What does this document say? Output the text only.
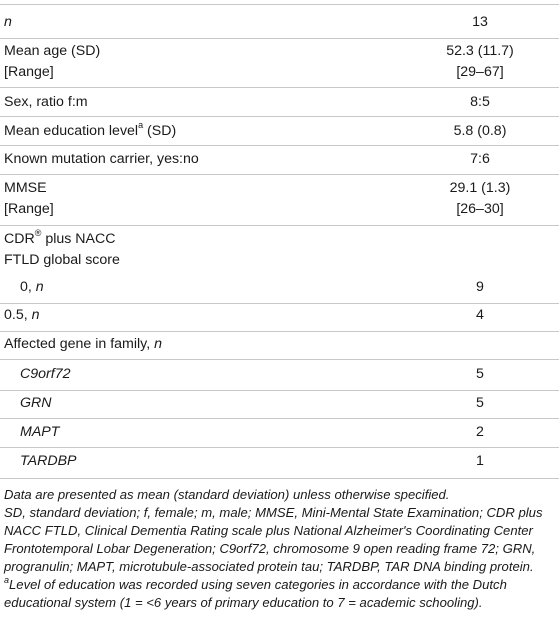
n	13
Mean age (SD)	52.3 (11.7)
[Range]	[29–67]
Sex, ratio f:m	8:5
Mean education level$^a$ (SD)	5.8 (0.8)
Known mutation carrier, yes:no	7:6
MMSE	29.1 (1.3)
[Range]	[26–30]
CDR® plus NACC
FTLD global score
0, n	9
0.5, n	4
Affected gene in family, n
C9orf72	5
GRN	5
MAPT	2
TARDBP	1

Data are presented as mean (standard deviation) unless otherwise specified.

SD, standard deviation; f, female; m, male; MMSE, Mini-Mental State Examination; CDR plus NACC FTLD, Clinical Dementia Rating scale plus National Alzheimer's Coordinating Center Frontotemporal Lobar Degeneration; C9orf72, chromosome 9 open reading frame 72; GRN, progranulin; MAPT, microtubule-associated protein tau; TARDBP, TAR DNA binding protein.

$^a$Level of education was recorded using seven categories in accordance with the Dutch educational system (1 = <6 years of primary education to 7 = academic schooling).
